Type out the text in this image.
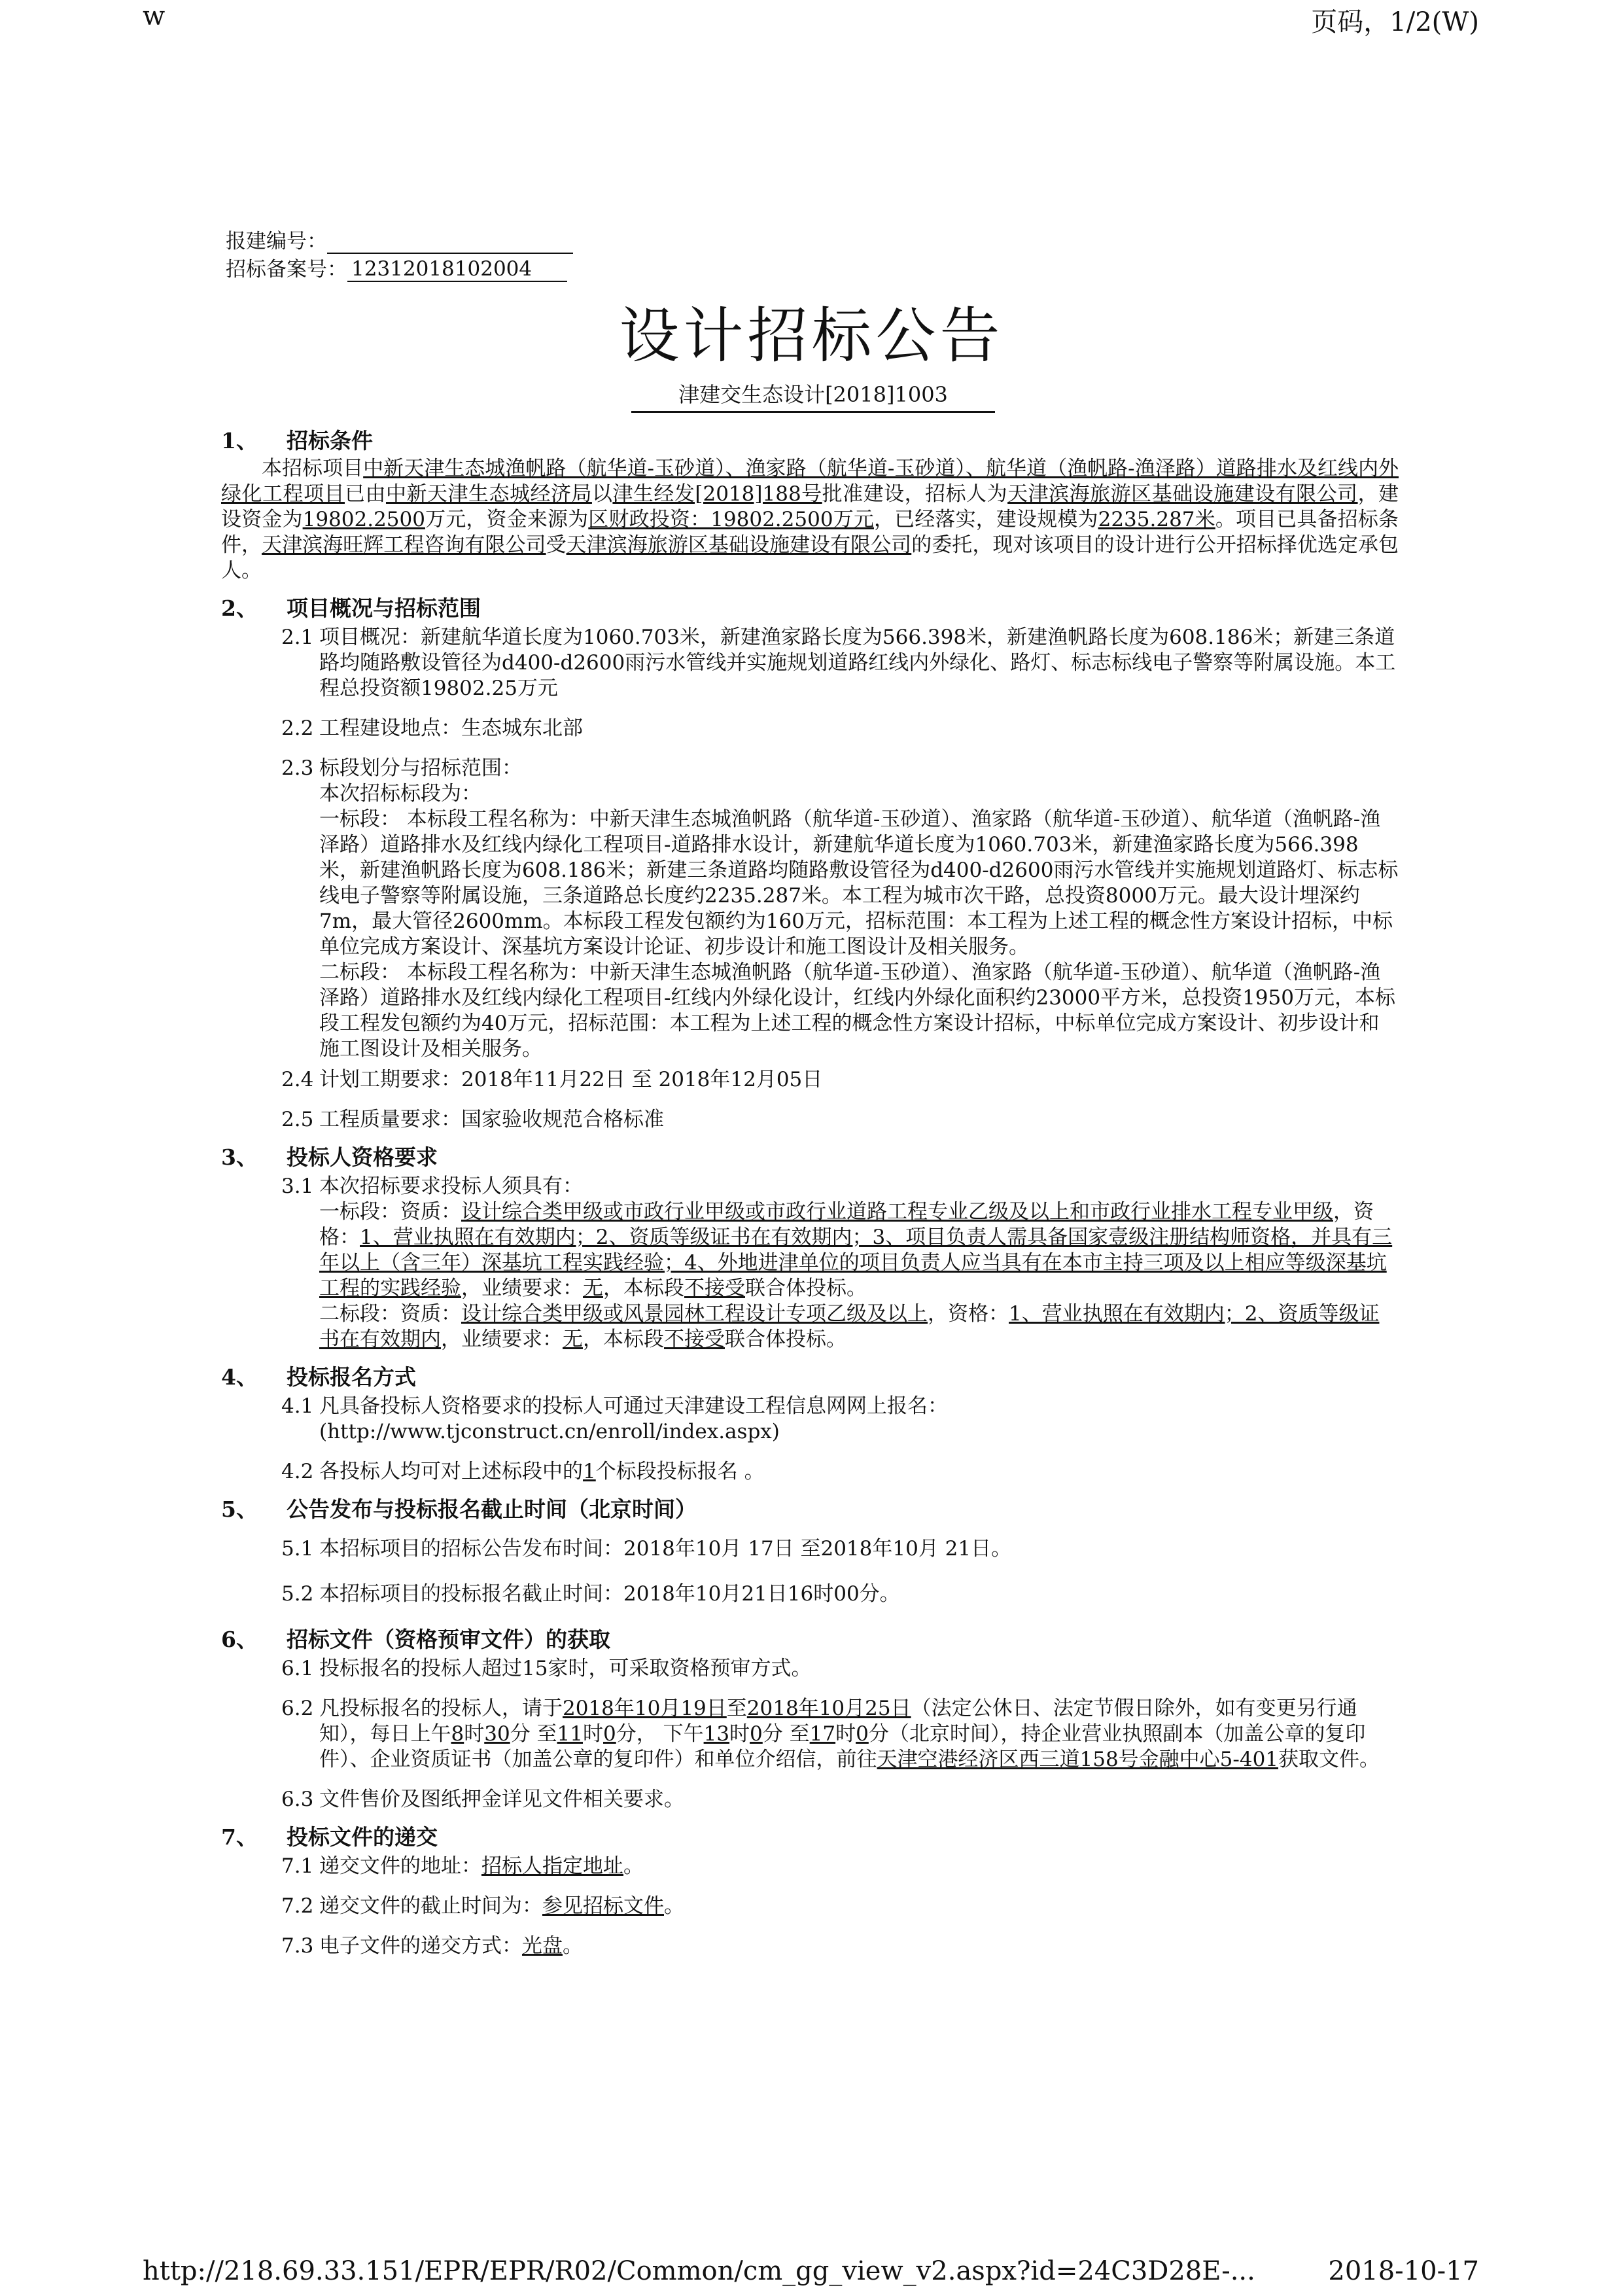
w	页码，1/2(W)
报建编号：
招标备案号： 12312018102004
设计招标公告
津建交生态设计[2018]1003
1、 招标条件
本招标项目中新天津生态城渔帆路（航华道-玉砂道）、渔家路（航华道-玉砂道）、航华道（渔帆路-渔泽路）道路排水及红线内外绿化工程项目已由中新天津生态城经济局以津生经发[2018]188号批准建设，招标人为天津滨海旅游区基础设施建设有限公司，建设资金为19802.2500万元，资金来源为区财政投资：19802.2500万元，已经落实，建设规模为2235.287米。项目已具备招标条件，天津滨海旺辉工程咨询有限公司受天津滨海旅游区基础设施建设有限公司的委托，现对该项目的设计进行公开招标择优选定承包人。
2、 项目概况与招标范围
2.1 项目概况：新建航华道长度为1060.703米，新建渔家路长度为566.398米，新建渔帆路长度为608.186米；新建三条道路均随路敷设管径为d400-d2600雨污水管线并实施规划道路红线内外绿化、路灯、标志标线电子警察等附属设施。本工程总投资额19802.25万元
2.2 工程建设地点：生态城东北部
2.3 标段划分与招标范围：
本次招标标段为：
一标段： 本标段工程名称为：中新天津生态城渔帆路（航华道-玉砂道）、渔家路（航华道-玉砂道）、航华道（渔帆路-渔泽路）道路排水及红线内绿化工程项目-道路排水设计，新建航华道长度为1060.703米，新建渔家路长度为566.398米，新建渔帆路长度为608.186米；新建三条道路均随路敷设管径为d400-d2600雨污水管线并实施规划道路灯、标志标线电子警察等附属设施，三条道路总长度约2235.287米。本工程为城市次干路，总投资8000万元。最大设计埋深约7m，最大管径2600mm。本标段工程发包额约为160万元，招标范围：本工程为上述工程的概念性方案设计招标，中标单位完成方案设计、深基坑方案设计论证、初步设计和施工图设计及相关服务。
二标段： 本标段工程名称为：中新天津生态城渔帆路（航华道-玉砂道）、渔家路（航华道-玉砂道）、航华道（渔帆路-渔泽路）道路排水及红线内绿化工程项目-红线内外绿化设计，红线内外绿化面积约23000平方米，总投资1950万元，本标段工程发包额约为40万元，招标范围：本工程为上述工程的概念性方案设计招标，中标单位完成方案设计、初步设计和施工图设计及相关服务。
2.4 计划工期要求：2018年11月22日 至 2018年12月05日
2.5 工程质量要求：国家验收规范合格标准
3、 投标人资格要求
3.1 本次招标要求投标人须具有：
一标段：资质：设计综合类甲级或市政行业甲级或市政行业道路工程专业乙级及以上和市政行业排水工程专业甲级，资格：1、营业执照在有效期内；2、资质等级证书在有效期内；3、项目负责人需具备国家壹级注册结构师资格，并具有三年以上（含三年）深基坑工程实践经验；4、外地进津单位的项目负责人应当具有在本市主持三项及以上相应等级深基坑工程的实践经验，业绩要求：无，本标段不接受联合体投标。
二标段：资质：设计综合类甲级或风景园林工程设计专项乙级及以上，资格：1、营业执照在有效期内；2、资质等级证书在有效期内，业绩要求：无，本标段不接受联合体投标。
4、 投标报名方式
4.1 凡具备投标人资格要求的投标人可通过天津建设工程信息网网上报名：
(http://www.tjconstruct.cn/enroll/index.aspx)
4.2 各投标人均可对上述标段中的1个标段投标报名 。
5、 公告发布与投标报名截止时间（北京时间）
5.1 本招标项目的招标公告发布时间：2018年10月 17日 至2018年10月 21日。
5.2 本招标项目的投标报名截止时间：2018年10月21日16时00分。
6、 招标文件（资格预审文件）的获取
6.1 投标报名的投标人超过15家时，可采取资格预审方式。
6.2 凡投标报名的投标人，请于2018年10月19日至2018年10月25日（法定公休日、法定节假日除外，如有变更另行通知），每日上午8时30分 至11时0分， 下午13时0分 至17时0分（北京时间），持企业营业执照副本（加盖公章的复印件）、企业资质证书（加盖公章的复印件）和单位介绍信，前往天津空港经济区西三道158号金融中心5-401获取文件。
6.3 文件售价及图纸押金详见文件相关要求。
7、 投标文件的递交
7.1 递交文件的地址：招标人指定地址。
7.2 递交文件的截止时间为：参见招标文件。
7.3 电子文件的递交方式：光盘。
http://218.69.33.151/EPR/EPR/R02/Common/cm_gg_view_v2.aspx?id=24C3D28E-...	2018-10-17
